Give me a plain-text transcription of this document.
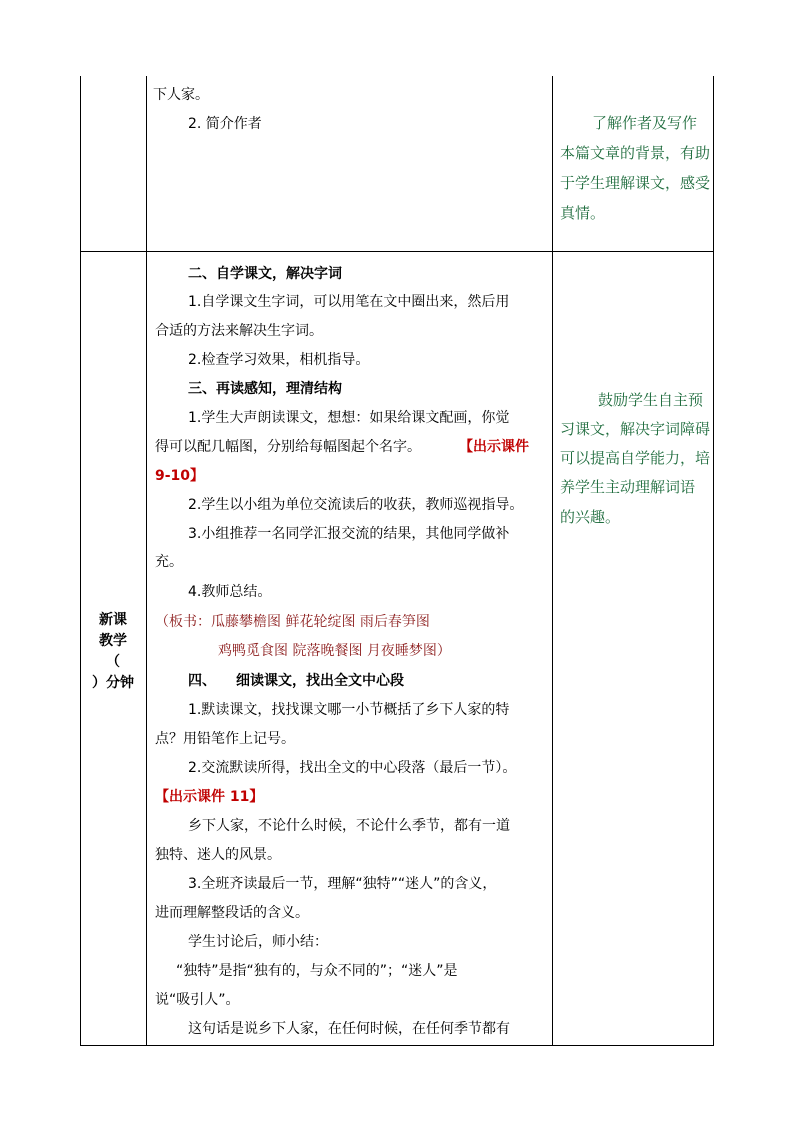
下人家。
2. 简介作者	了解作者及写作
本篇文章的背景，有助
于学生理解课文，感受
真情。
新课
教学
（
）分钟
二、自学课文，解决字词
1.自学课文生字词，可以用笔在文中圈出来，然后用
合适的方法来解决生字词。
2.检查学习效果，相机指导。
三、再读感知，理清结构
1.学生大声朗读课文，想想：如果给课文配画，你觉
得可以配几幅图，分别给每幅图起个名字。	【出示课件
9-10】
2.学生以小组为单位交流读后的收获，教师巡视指导。
3.小组推荐一名同学汇报交流的结果，其他同学做补
充。
4.教师总结。
（板书：瓜藤攀檐图 鲜花轮绽图 雨后春笋图
鸡鸭觅食图 院落晚餐图 月夜睡梦图）
四、 细读课文，找出全文中心段
1.默读课文，找找课文哪一小节概括了乡下人家的特
点？用铅笔作上记号。
2.交流默读所得，找出全文的中心段落（最后一节）。
【出示课件 11】
乡下人家，不论什么时候，不论什么季节，都有一道
独特、迷人的风景。
3.全班齐读最后一节，理解“独特”“迷人”的含义，
进而理解整段话的含义。
学生讨论后，师小结：
“独特”是指“独有的，与众不同的”；“迷人”是
说“吸引人”。
这句话是说乡下人家，在任何时候，在任何季节都有
鼓励学生自主预
习课文，解决字词障碍
可以提高自学能力，培
养学生主动理解词语
的兴趣。
